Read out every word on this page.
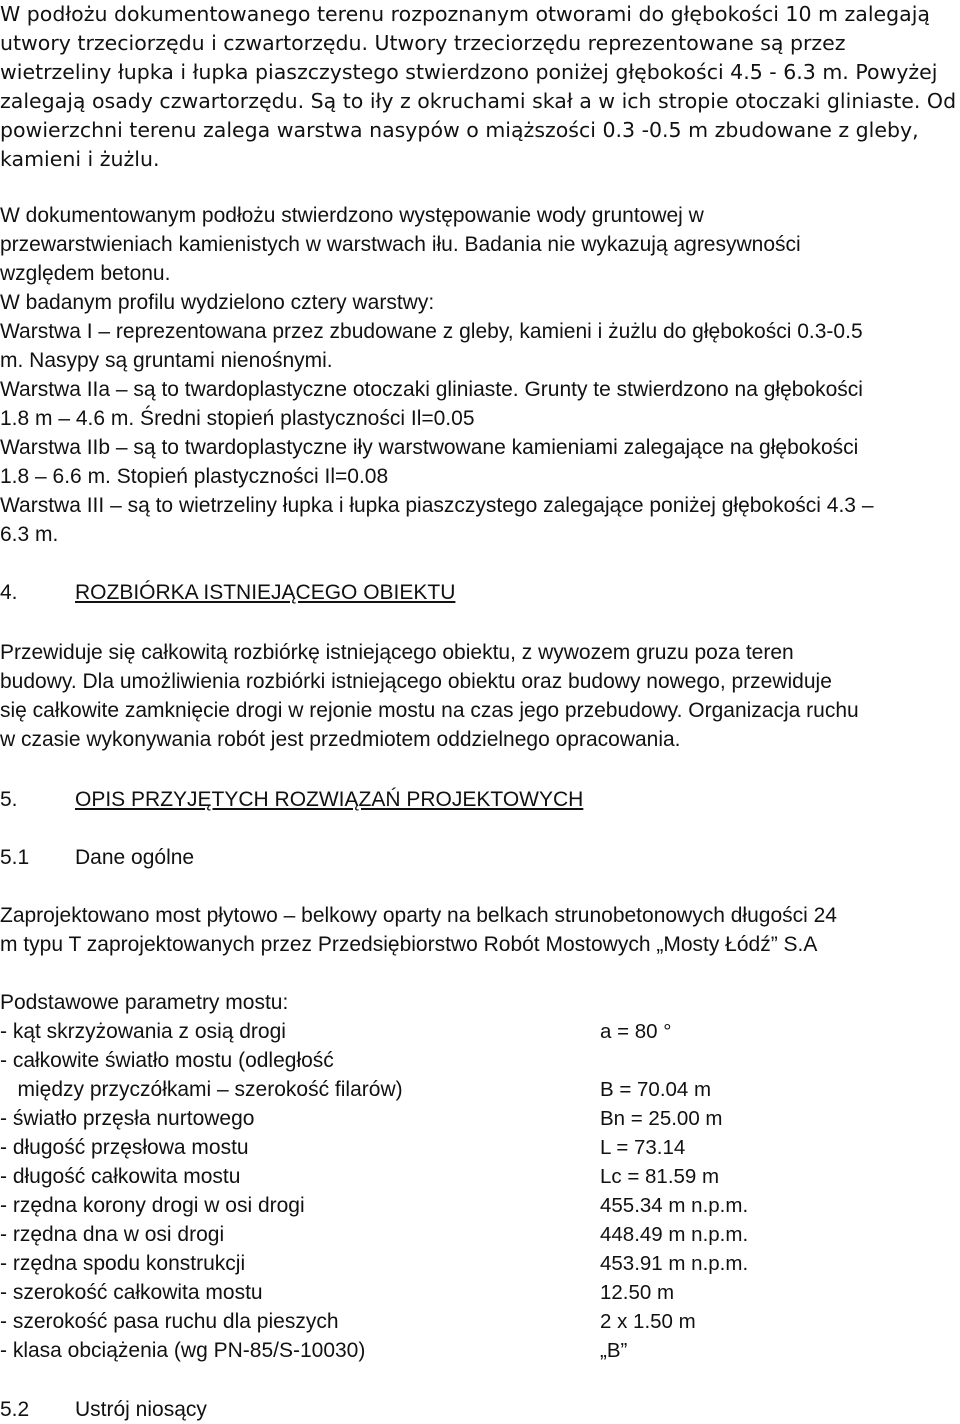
W podłożu dokumentowanego terenu rozpoznanym otworami do głębokości 10 m zalegają
utwory trzeciorzędu i czwartorzędu. Utwory trzeciorzędu reprezentowane są przez
wietrzeliny łupka i łupka piaszczystego stwierdzono poniżej głębokości 4.5 - 6.3 m. Powyżej
zalegają osady czwartorzędu. Są to iły z okruchami skał a w ich stropie otoczaki gliniaste. Od
powierzchni terenu zalega warstwa nasypów o miąższości 0.3 -0.5 m zbudowane z gleby,
kamieni i żużlu.
W dokumentowanym podłożu stwierdzono występowanie wody gruntowej w
przewarstwieniach kamienistych w warstwach iłu. Badania nie wykazują agresywności
względem betonu.
W badanym profilu wydzielono cztery warstwy:
Warstwa I – reprezentowana przez zbudowane z gleby, kamieni i żużlu do głębokości 0.3-0.5
m. Nasypy są gruntami nienośnymi.
Warstwa IIa – są to twardoplastyczne otoczaki gliniaste. Grunty te stwierdzono na głębokości
1.8 m – 4.6 m. Średni stopień plastyczności Il=0.05
Warstwa IIb – są to twardoplastyczne iły warstwowane kamieniami zalegające na głębokości
1.8 – 6.6 m. Stopień plastyczności Il=0.08
Warstwa III – są to wietrzeliny łupka i łupka piaszczystego zalegające poniżej głębokości 4.3 –
6.3 m.
4.	ROZBIÓRKA ISTNIEJĄCEGO OBIEKTU
Przewiduje się całkowitą rozbiórkę istniejącego obiektu, z wywozem gruzu poza teren
budowy. Dla umożliwienia rozbiórki istniejącego obiektu oraz budowy nowego, przewiduje
się całkowite zamknięcie drogi w rejonie mostu na czas jego przebudowy. Organizacja ruchu
w czasie wykonywania robót jest przedmiotem oddzielnego opracowania.
5.	OPIS PRZYJĘTYCH ROZWIĄZAŃ PROJEKTOWYCH
5.1 Dane ogólne
Zaprojektowano most płytowo – belkowy oparty na belkach strunobetonowych długości 24
m typu T zaprojektowanych przez Przedsiębiorstwo Robót Mostowych „Mosty Łódź” S.A
Podstawowe parametry mostu:
- kąt skrzyżowania z osią drogi	a = 80 °
- całkowite światło mostu (odległość
między przyczółkami – szerokość filarów)	B = 70.04 m
- światło przęsła nurtowego	Bn = 25.00 m
- długość przęsłowa mostu	L = 73.14
- długość całkowita mostu	Lc = 81.59 m
- rzędna korony drogi w osi drogi	455.34 m n.p.m.
- rzędna dna w osi drogi	448.49 m n.p.m.
- rzędna spodu konstrukcji	453.91 m n.p.m.
- szerokość całkowita mostu	12.50 m
- szerokość pasa ruchu dla pieszych	2 x 1.50 m
- klasa obciążenia (wg PN-85/S-10030)	„B”
5.2 Ustrój niosący
